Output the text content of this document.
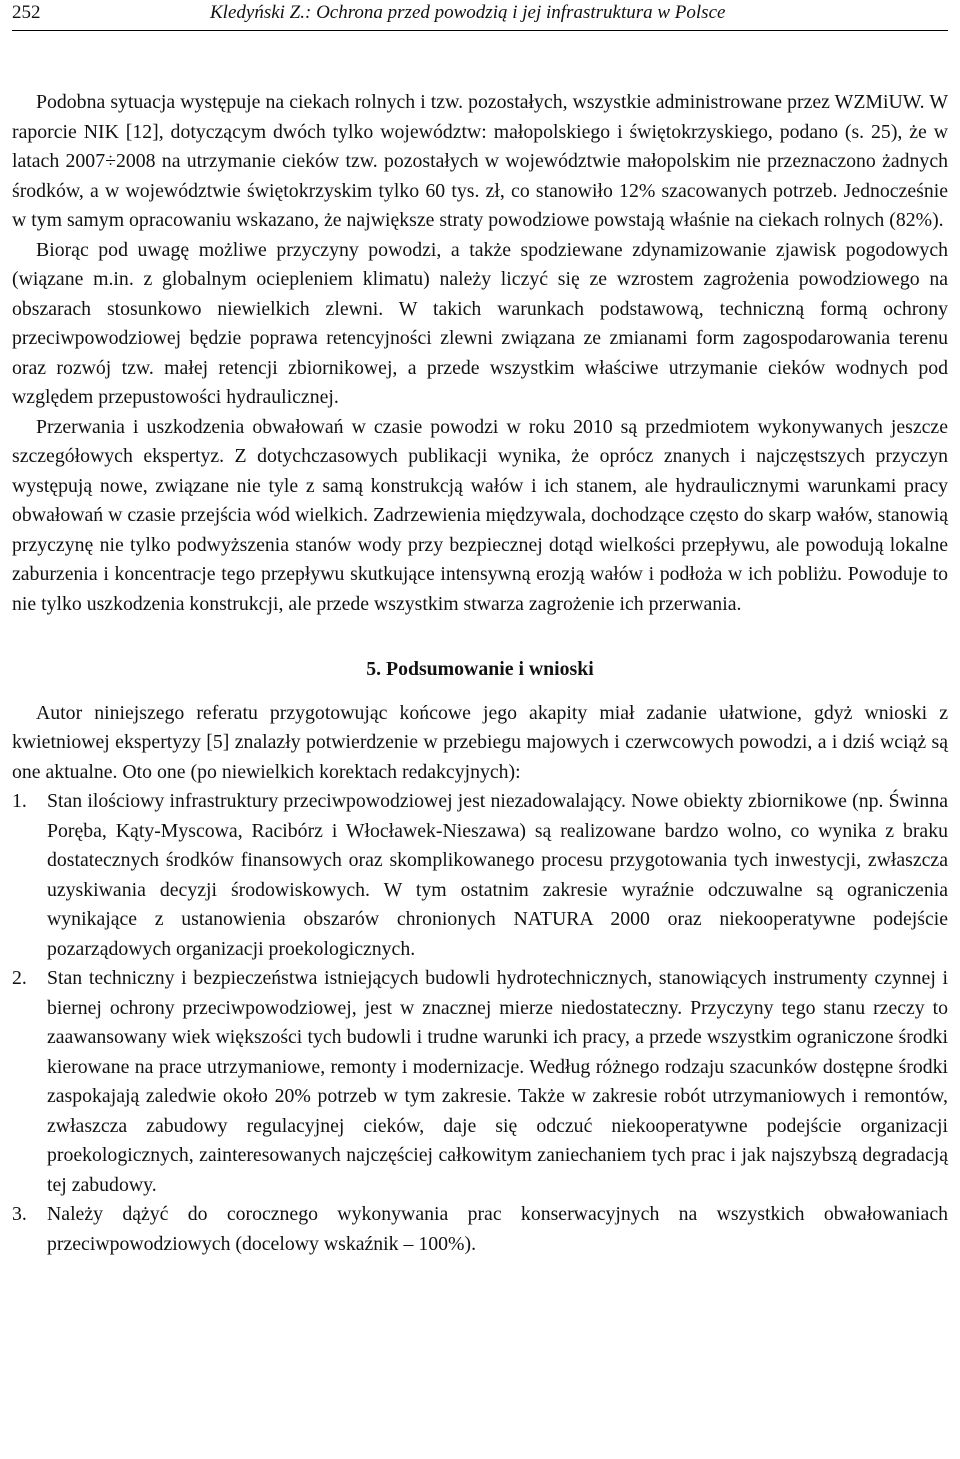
252	Kledyński Z.: Ochrona przed powodzią i jej infrastruktura w Polsce

Podobna sytuacja występuje na ciekach rolnych i tzw. pozostałych, wszystkie administrowane przez WZMiUW. W raporcie NIK [12], dotyczącym dwóch tylko województw: małopolskiego i świętokrzyskiego, podano (s. 25), że w latach 2007÷2008 na utrzymanie cieków tzw. pozostałych w województwie małopolskim nie przeznaczono żadnych środków, a w województwie świętokrzyskim tylko 60 tys. zł, co stanowiło 12% szacowanych potrzeb. Jednocześnie w tym samym opracowaniu wskazano, że największe straty powodziowe powstają właśnie na ciekach rolnych (82%).

Biorąc pod uwagę możliwe przyczyny powodzi, a także spodziewane zdynamizowanie zjawisk pogodowych (wiązane m.in. z globalnym ociepleniem klimatu) należy liczyć się ze wzrostem zagrożenia powodziowego na obszarach stosunkowo niewielkich zlewni. W takich warunkach podstawową, techniczną formą ochrony przeciwpowodziowej będzie poprawa retencyjności zlewni związana ze zmianami form zagospodarowania terenu oraz rozwój tzw. małej retencji zbiornikowej, a przede wszystkim właściwe utrzymanie cieków wodnych pod względem przepustowości hydraulicznej.

Przerwania i uszkodzenia obwałowań w czasie powodzi w roku 2010 są przedmiotem wykonywanych jeszcze szczegółowych ekspertyz. Z dotychczasowych publikacji wynika, że oprócz znanych i najczęstszych przyczyn występują nowe, związane nie tyle z samą konstrukcją wałów i ich stanem, ale hydraulicznymi warunkami pracy obwałowań w czasie przejścia wód wielkich. Zadrzewienia międzywala, dochodzące często do skarp wałów, stanowią przyczynę nie tylko podwyższenia stanów wody przy bezpiecznej dotąd wielkości przepływu, ale powodują lokalne zaburzenia i koncentracje tego przepływu skutkujące intensywną erozją wałów i podłoża w ich pobliżu. Powoduje to nie tylko uszkodzenia konstrukcji, ale przede wszystkim stwarza zagrożenie ich przerwania.

5. Podsumowanie i wnioski

Autor niniejszego referatu przygotowując końcowe jego akapity miał zadanie ułatwione, gdyż wnioski z kwietniowej ekspertyzy [5] znalazły potwierdzenie w przebiegu majowych i czerwcowych powodzi, a i dziś wciąż są one aktualne. Oto one (po niewielkich korektach redakcyjnych):

1. Stan ilościowy infrastruktury przeciwpowodziowej jest niezadowalający. Nowe obiekty zbiornikowe (np. Świnna Poręba, Kąty-Myscowa, Racibórz i Włocławek-Nieszawa) są realizowane bardzo wolno, co wynika z braku dostatecznych środków finansowych oraz skomplikowanego procesu przygotowania tych inwestycji, zwłaszcza uzyskiwania decyzji środowiskowych. W tym ostatnim zakresie wyraźnie odczuwalne są ograniczenia wynikające z ustanowienia obszarów chronionych NATURA 2000 oraz niekooperatywne podejście pozarządowych organizacji proekologicznych.
2. Stan techniczny i bezpieczeństwa istniejących budowli hydrotechnicznych, stanowiących instrumenty czynnej i biernej ochrony przeciwpowodziowej, jest w znacznej mierze niedostateczny. Przyczyny tego stanu rzeczy to zaawansowany wiek większości tych budowli i trudne warunki ich pracy, a przede wszystkim ograniczone środki kierowane na prace utrzymaniowe, remonty i modernizacje. Według różnego rodzaju szacunków dostępne środki zaspokajają zaledwie około 20% potrzeb w tym zakresie. Także w zakresie robót utrzymaniowych i remontów, zwłaszcza zabudowy regulacyjnej cieków, daje się odczuć niekooperatywne podejście organizacji proekologicznych, zainteresowanych najczęściej całkowitym zaniechaniem tych prac i jak najszybszą degradacją tej zabudowy.
3. Należy dążyć do corocznego wykonywania prac konserwacyjnych na wszystkich obwałowaniach przeciwpowodziowych (docelowy wskaźnik – 100%).
